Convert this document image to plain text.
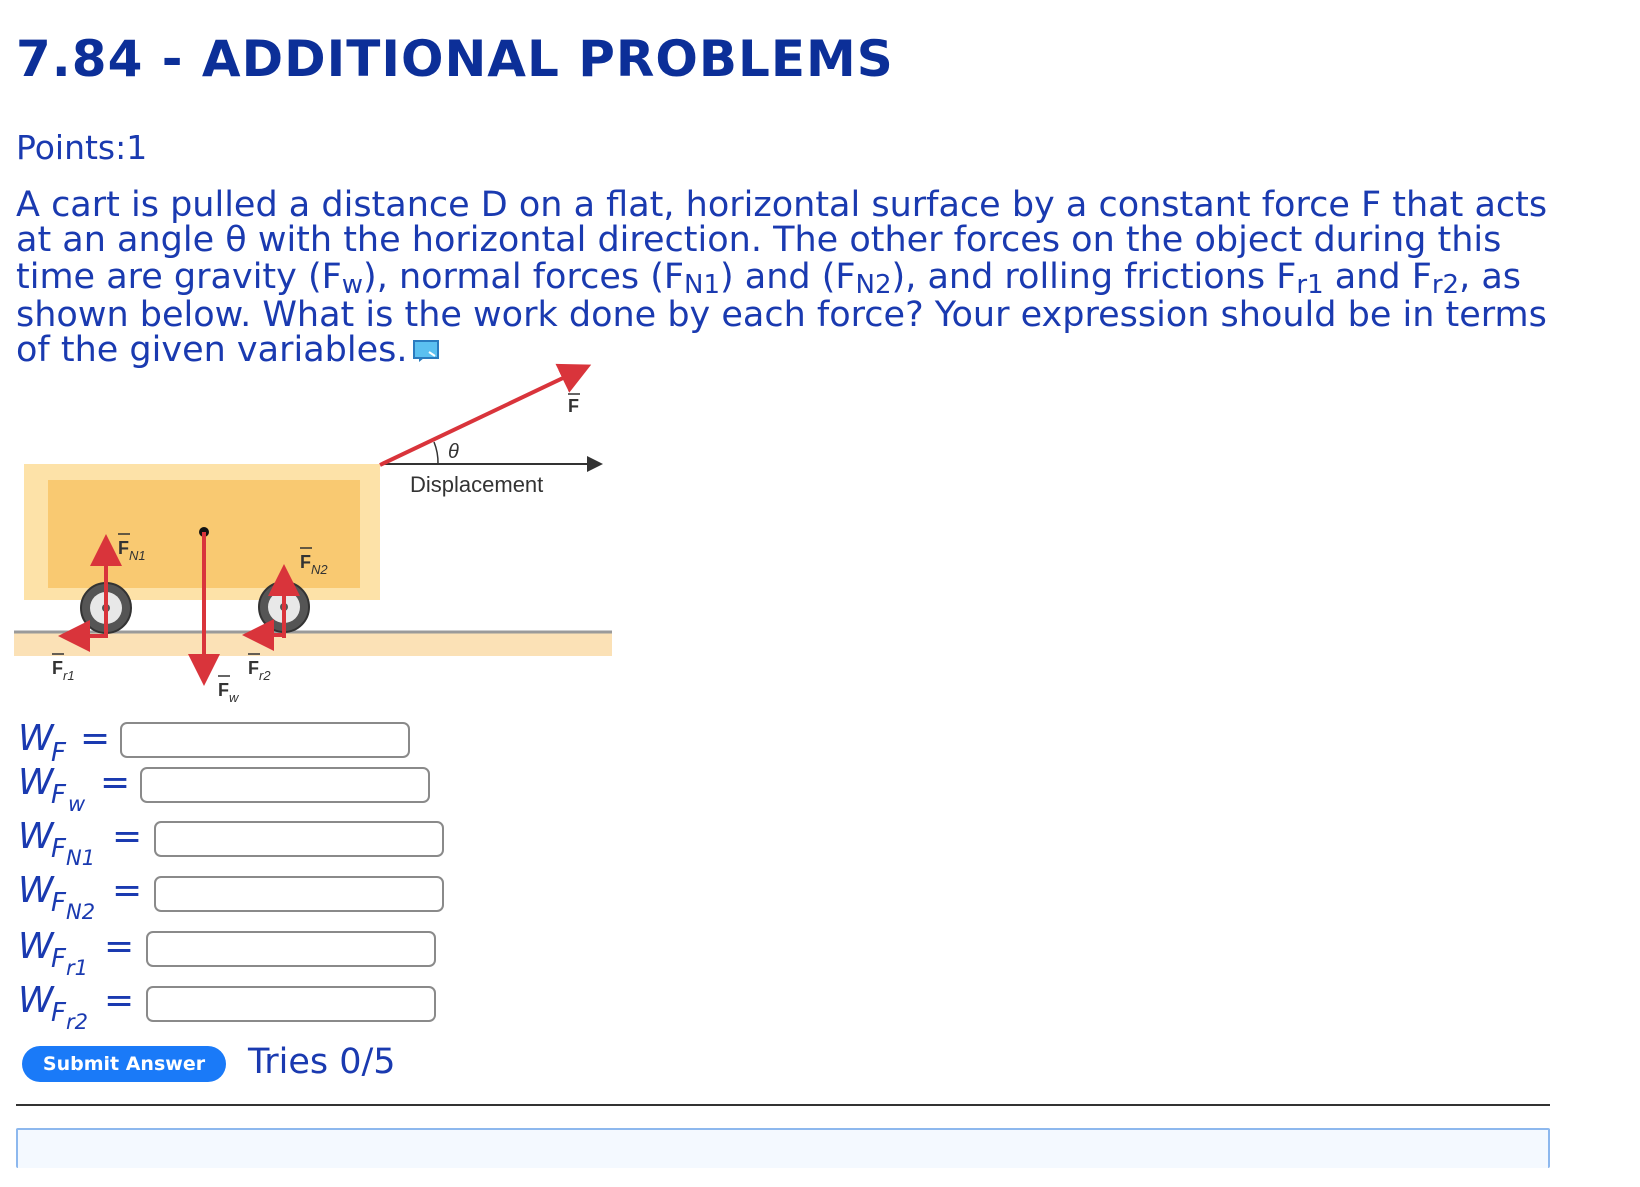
7.84 - ADDITIONAL PROBLEMS
Points:1
A cart is pulled a distance D on a flat, horizontal surface by a constant force F that acts
at an angle θ with the horizontal direction. The other forces on the object during this
time are gravity $(F_w)$, normal forces $(F_{N1})$ and $(F_{N2})$, and rolling frictions $F_{r1}$ and $F_{r2}$, as
shown below. What is the work done by each force? Your expression should be in terms
of the given variables.
Displacement
θ
F
$F_{N1}$	$F_{N2}$
$F_w$
$F_{r1}$	$F_{r2}$
W
F =
W
F w
=
W
F N1
=
W
F N2
=
W
F r1
=
W
F r2
=
Submit Answer	Tries 0/5
